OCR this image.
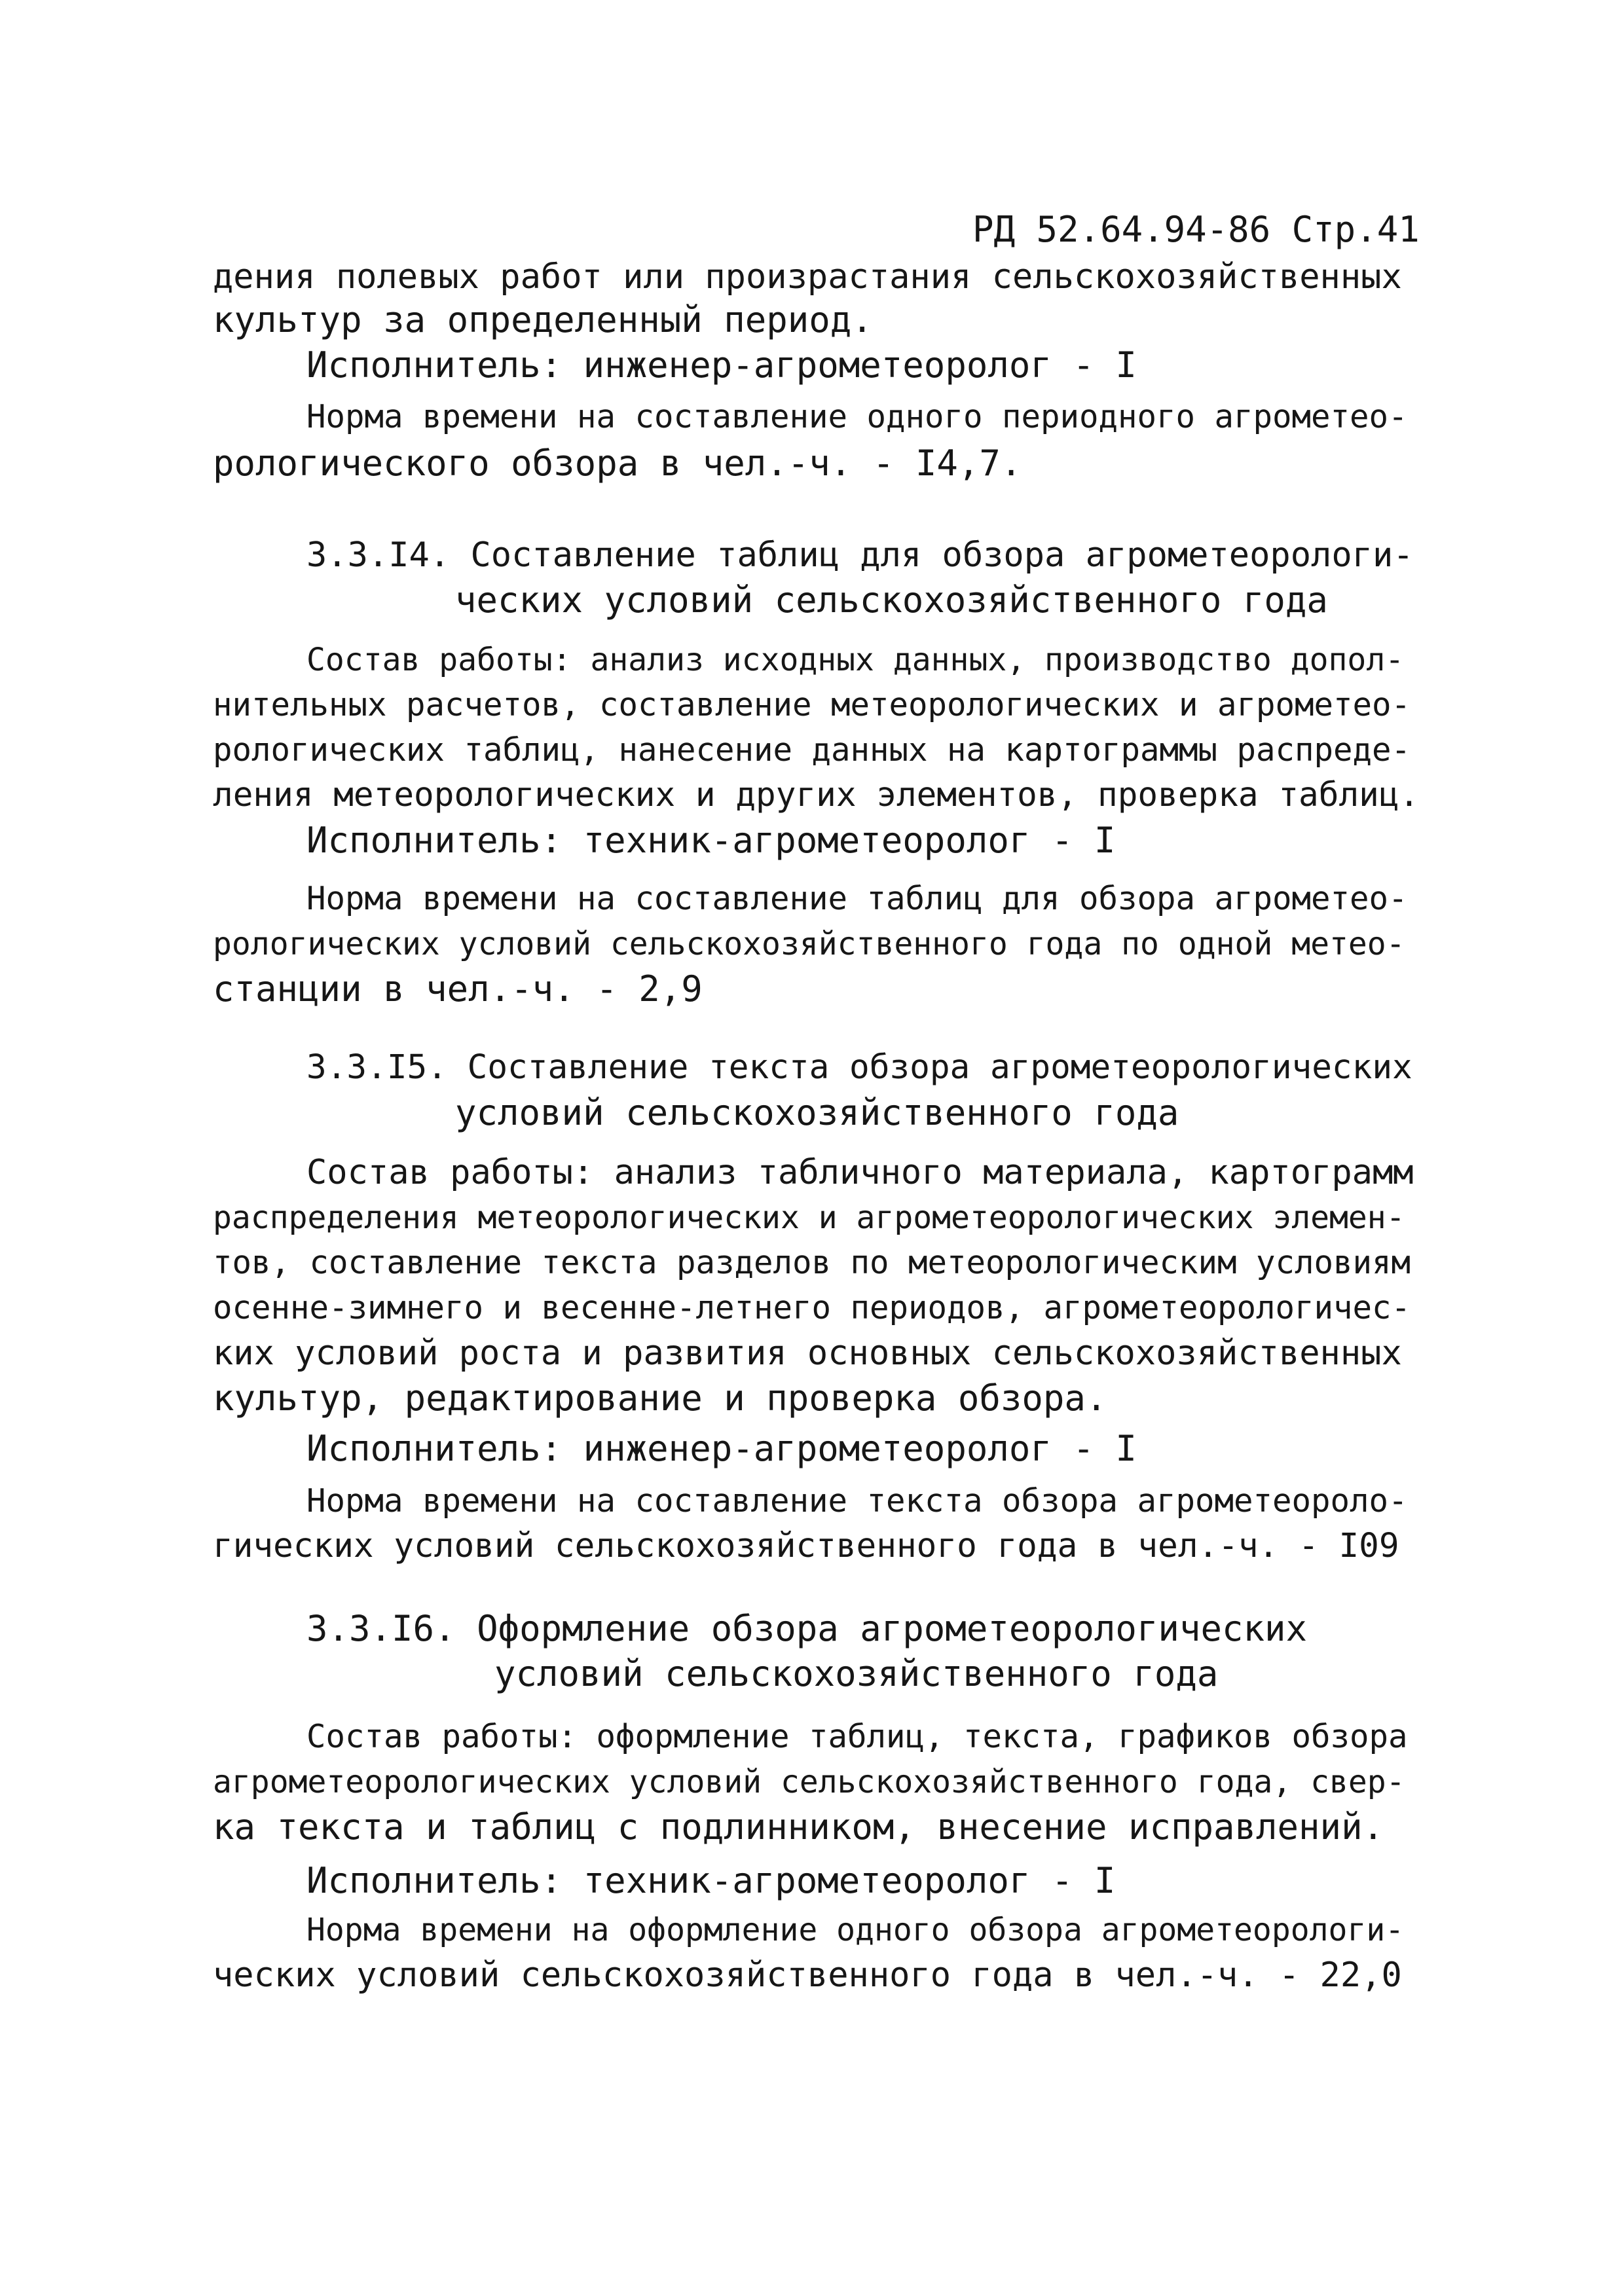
РД 52.64.94-86 Стр.41
дения полевых работ или произрастания сельскохозяйственных
культур за определенный период.
Исполнитель: инженер-агрометеоролог - I
Норма времени на составление одного периодного агрометео-
рологического обзора в чел.-ч. - I4,7.
3.3.I4. Составление таблиц для обзора агрометеорологи-
ческих условий сельскохозяйственного года
Состав работы: анализ исходных данных, производство допол-
нительных расчетов, составление метеорологических и агрометео-
рологических таблиц, нанесение данных на картограммы распреде-
ления метеорологических и других элементов, проверка таблиц.
Исполнитель: техник-агрометеоролог - I
Норма времени на составление таблиц для обзора агрометео-
рологических условий сельскохозяйственного года по одной метео-
станции в чел.-ч. - 2,9
3.3.I5. Составление текста обзора агрометеорологических
условий сельскохозяйственного года
Состав работы: анализ табличного материала, картограмм
распределения метеорологических и агрометеорологических элемен-
тов, составление текста разделов по метеорологическим условиям
осенне-зимнего и весенне-летнего периодов, агрометеорологичес-
ких условий роста и развития основных сельскохозяйственных
культур, редактирование и проверка обзора.
Исполнитель: инженер-агрометеоролог - I
Норма времени на составление текста обзора агрометеороло-
гических условий сельскохозяйственного года в чел.-ч. - I09
3.3.I6. Оформление обзора агрометеорологических
условий сельскохозяйственного года
Состав работы: оформление таблиц, текста, графиков обзора
агрометеорологических условий сельскохозяйственного года, свер-
ка текста и таблиц с подлинником, внесение исправлений.
Исполнитель: техник-агрометеоролог - I
Норма времени на оформление одного обзора агрометеорологи-
ческих условий сельскохозяйственного года в чел.-ч. - 22,0
